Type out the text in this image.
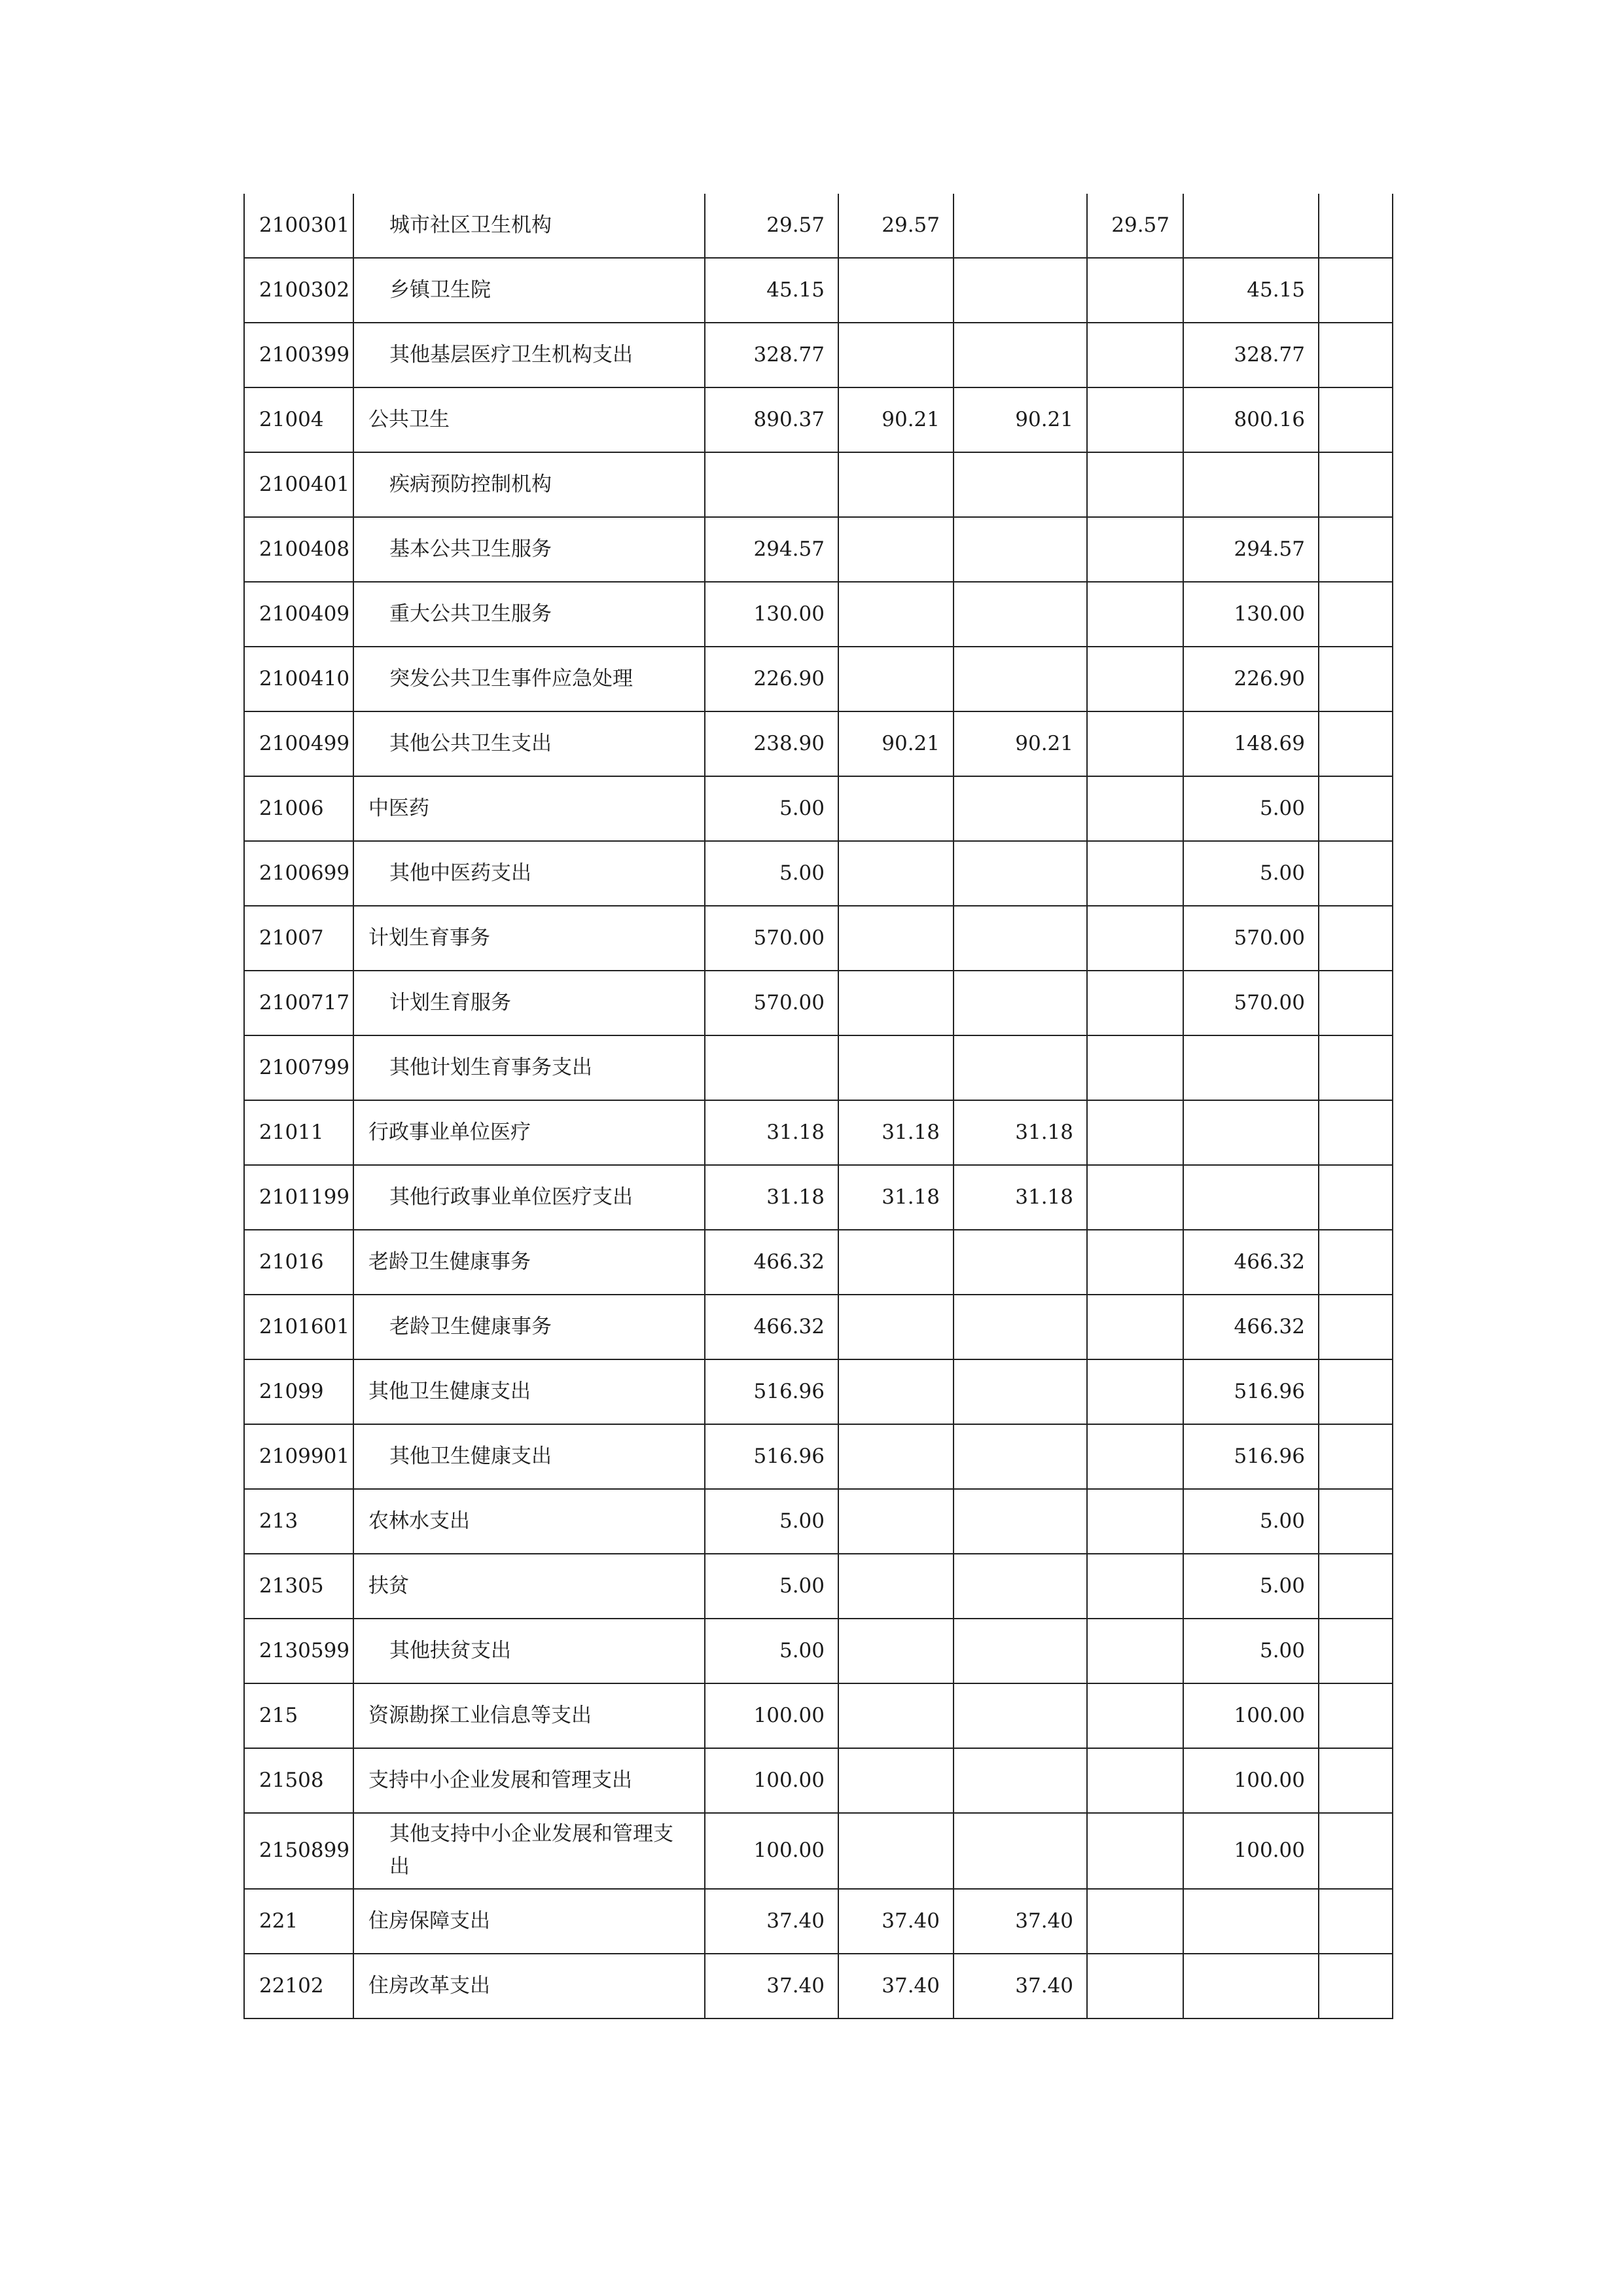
2100301	城市社区卫生机构	29.57	29.57		29.57		
2100302	乡镇卫生院	45.15				45.15	
2100399	其他基层医疗卫生机构支出	328.77				328.77	
21004	公共卫生	890.37	90.21	90.21		800.16	
2100401	疾病预防控制机构						
2100408	基本公共卫生服务	294.57				294.57	
2100409	重大公共卫生服务	130.00				130.00	
2100410	突发公共卫生事件应急处理	226.90				226.90	
2100499	其他公共卫生支出	238.90	90.21	90.21		148.69	
21006	中医药	5.00				5.00	
2100699	其他中医药支出	5.00				5.00	
21007	计划生育事务	570.00				570.00	
2100717	计划生育服务	570.00				570.00	
2100799	其他计划生育事务支出						
21011	行政事业单位医疗	31.18	31.18	31.18			
2101199	其他行政事业单位医疗支出	31.18	31.18	31.18			
21016	老龄卫生健康事务	466.32				466.32	
2101601	老龄卫生健康事务	466.32				466.32	
21099	其他卫生健康支出	516.96				516.96	
2109901	其他卫生健康支出	516.96				516.96	
213	农林水支出	5.00				5.00	
21305	扶贫	5.00				5.00	
2130599	其他扶贫支出	5.00				5.00	
215	资源勘探工业信息等支出	100.00				100.00	
21508	支持中小企业发展和管理支出	100.00				100.00	
2150899	其他支持中小企业发展和管理支出	100.00				100.00	
221	住房保障支出	37.40	37.40	37.40			
22102	住房改革支出	37.40	37.40	37.40			
